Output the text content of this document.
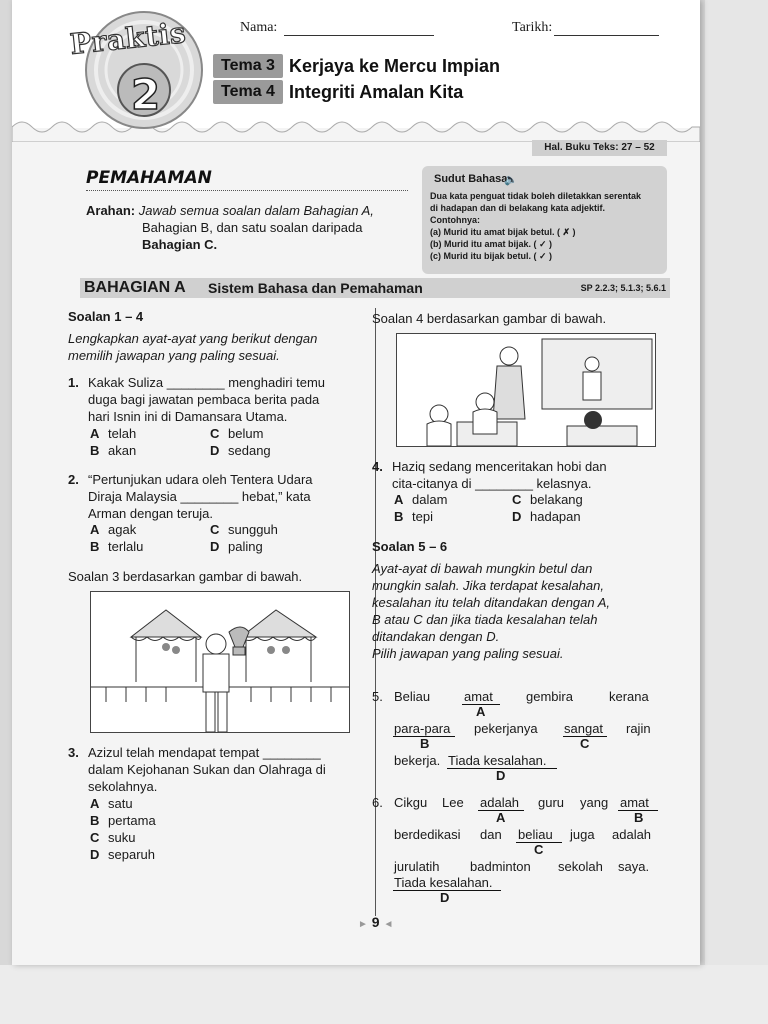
Praktis
2
Nama:	Tarikh:
Tema 3 Kerjaya ke Mercu Impian
Tema 4 Integriti Amalan Kita
Hal. Buku Teks: 27 – 52
PEMAHAMAN
Arahan: Jawab semua soalan dalam Bahagian A,
Bahagian B, dan satu soalan daripada
Bahagian C.
Sudut Bahasa
🔈
Dua kata penguat tidak boleh diletakkan serentak
di hadapan dan di belakang kata adjektif.
Contohnya:
(a) Murid itu amat bijak betul. ( ✗ )
(b) Murid itu amat bijak. ( ✓ )
(c) Murid itu bijak betul. ( ✓ )
BAHAGIAN A Sistem Bahasa dan Pemahaman	SP 2.2.3; 5.1.3; 5.6.1
Soalan 1 – 4
Lengkapkan ayat-ayat yang berikut dengan
memilih jawapan yang paling sesuai.
1. Kakak Suliza ________ menghadiri temu
duga bagi jawatan pembaca berita pada
hari Isnin ini di Damansara Utama.
A telah	C belum
B akan	D sedang
2. “Pertunjukan udara oleh Tentera Udara
Diraja Malaysia ________ hebat,” kata
Arman dengan teruja.
A agak	C sungguh
B terlalu	D paling
Soalan 3 berdasarkan gambar di bawah.
3. Azizul telah mendapat tempat ________
dalam Kejohanan Sukan dan Olahraga di
sekolahnya.
A satu
B pertama
C suku
D separuh
Soalan 4 berdasarkan gambar di bawah.
4. Haziq sedang menceritakan hobi dan
cita-citanya di ________ kelasnya.
A dalam	C belakang
B tepi	D hadapan
Soalan 5 – 6
Ayat-ayat di bawah mungkin betul dan
mungkin salah. Jika terdapat kesalahan,
kesalahan itu telah ditandakan dengan A,
B atau C dan jika tiada kesalahan telah
ditandakan dengan D.
Pilih jawapan yang paling sesuai.
5. Beliau	amat
A
gembira	kerana
para-para
B
pekerjanya sangat
C
rajin
bekerja. Tiada kesalahan.
D
6. Cikgu Lee adalah
A
guru yang amat
B
berdedikasi dan beliau
C
juga adalah
jurulatih badminton sekolah saya.
Tiada kesalahan.
D
► 9 ◄
